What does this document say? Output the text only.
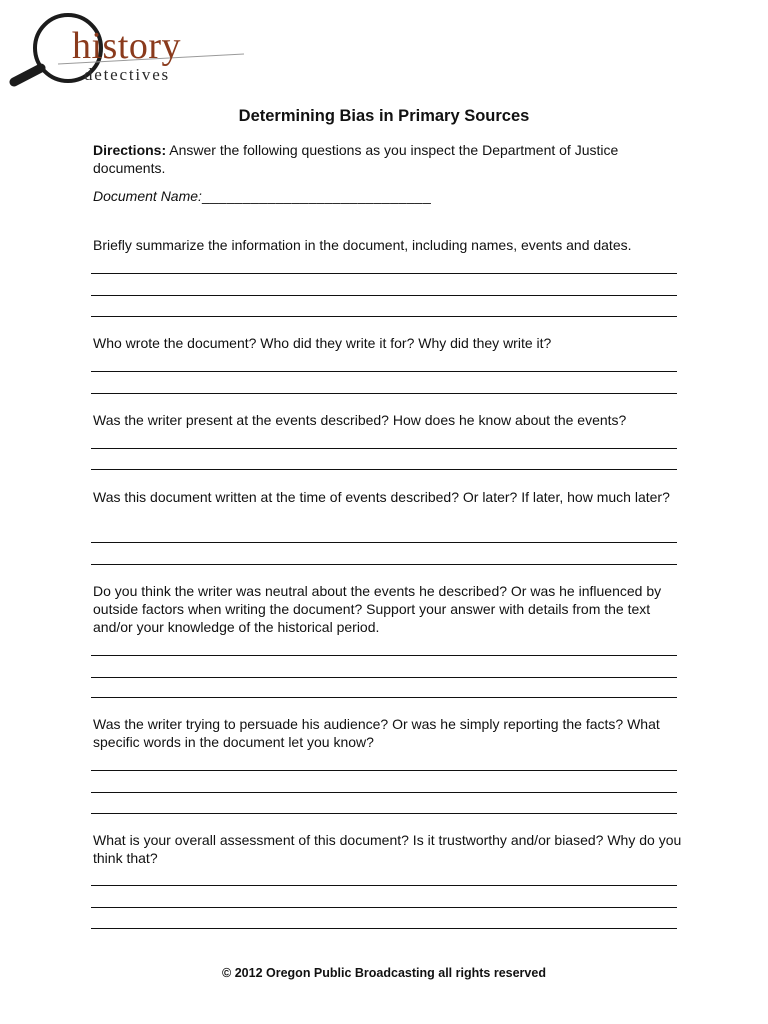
history
detectives
Determining Bias in Primary Sources

Directions: Answer the following questions as you inspect the Department of Justice documents.

Document Name:____________________________

Briefly summarize the information in the document, including names, events and dates.

Who wrote the document? Who did they write it for? Why did they write it?

Was the writer present at the events described? How does he know about the events?

Was this document written at the time of events described? Or later? If later, how much later?

Do you think the writer was neutral about the events he described? Or was he influenced by outside factors when writing the document? Support your answer with details from the text and/or your knowledge of the historical period.

Was the writer trying to persuade his audience? Or was he simply reporting the facts? What specific words in the document let you know?

What is your overall assessment of this document? Is it trustworthy and/or biased? Why do you think that?

© 2012 Oregon Public Broadcasting all rights reserved
